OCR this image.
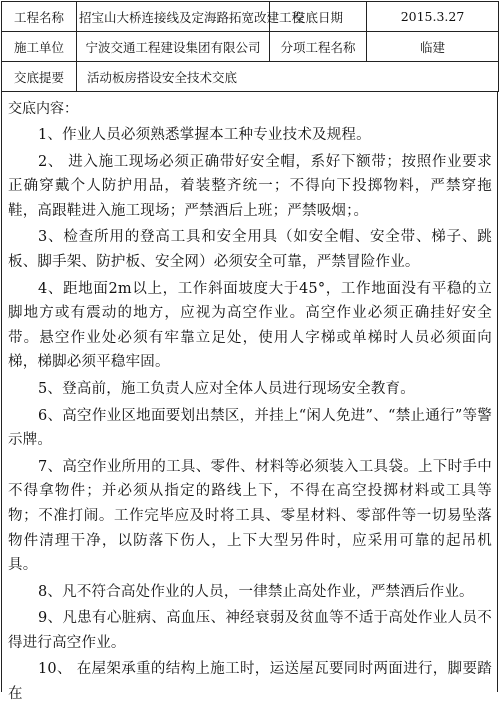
工程名称	招宝山大桥连接线及定海路拓宽改建工程	交底日期	2015.3.27
施工单位	宁波交通工程建设集团有限公司	分项工程名称	临建
交底提要	活动板房搭设安全技术交底		
交底内容：

1、作业人员必须熟悉掌握本工种专业技术及规程。

2、 进入施工现场必须正确带好安全帽，系好下额带；按照作业要求正确穿戴个人防护用品，着装整齐统一；不得向下投掷物料，严禁穿拖鞋，高跟鞋进入施工现场；严禁酒后上班；严禁吸烟；。

3、检查所用的登高工具和安全用具（如安全帽、安全带、梯子、跳板、脚手架、防护板、安全网）必须安全可靠，严禁冒险作业。

4、距地面2m以上，工作斜面坡度大于45°，工作地面没有平稳的立脚地方或有震动的地方，应视为高空作业。高空作业必须正确挂好安全带。悬空作业处必须有牢靠立足处，使用人字梯或单梯时人员必须面向梯，梯脚必须平稳牢固。

5、登高前，施工负责人应对全体人员进行现场安全教育。

6、高空作业区地面要划出禁区，并挂上“闲人免进”、“禁止通行”等警示牌。

7、高空作业所用的工具、零件、材料等必须装入工具袋。上下时手中不得拿物件；并必须从指定的路线上下，不得在高空投掷材料或工具等物；不准打闹。工作完毕应及时将工具、零星材料、零部件等一切易坠落物件清理干净，以防落下伤人，上下大型另件时，应采用可靠的起吊机具。

8、凡不符合高处作业的人员，一律禁止高处作业，严禁酒后作业。

9、凡患有心脏病、高血压、神经衰弱及贫血等不适于高处作业人员不得进行高空作业。

10、 在屋架承重的结构上施工时，运送屋瓦要同时两面进行，脚要踏在
